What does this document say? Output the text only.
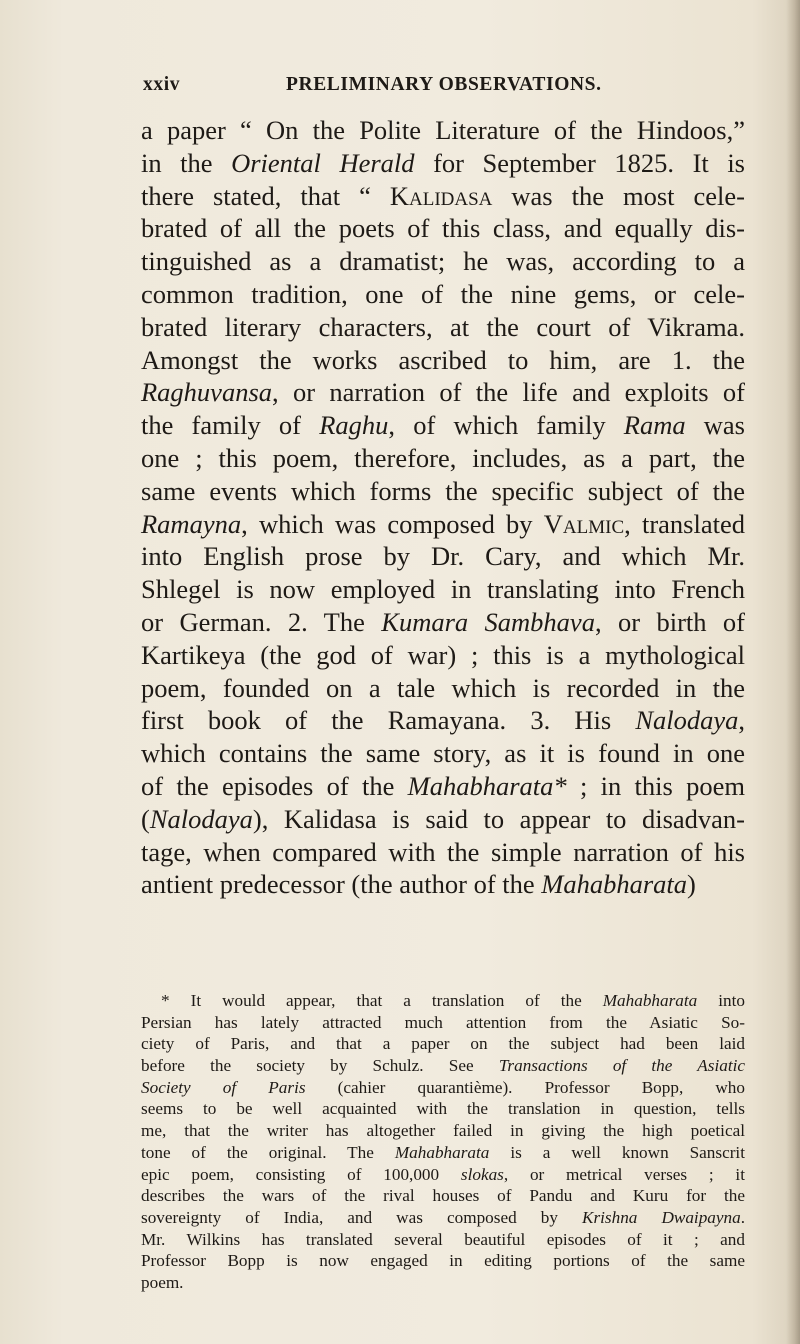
xxiv	PRELIMINARY OBSERVATIONS.
a paper “ On the Polite Literature of the Hindoos,”
in the Oriental Herald for September 1825. It is
there stated, that “ Kalidasa was the most cele-
brated of all the poets of this class, and equally dis-
tinguished as a dramatist; he was, according to a
common tradition, one of the nine gems, or cele-
brated literary characters, at the court of Vikrama.
Amongst the works ascribed to him, are 1. the
Raghuvansa, or narration of the life and exploits of
the family of Raghu, of which family Rama was
one ; this poem, therefore, includes, as a part, the
same events which forms the specific subject of the
Ramayna, which was composed by Valmic, translated
into English prose by Dr. Cary, and which Mr.
Shlegel is now employed in translating into French
or German. 2. The Kumara Sambhava, or birth of
Kartikeya (the god of war) ; this is a mythological
poem, founded on a tale which is recorded in the
first book of the Ramayana. 3. His Nalodaya,
which contains the same story, as it is found in one
of the episodes of the Mahabharata* ; in this poem
(Nalodaya), Kalidasa is said to appear to disadvan-
tage, when compared with the simple narration of his
antient predecessor (the author of the Mahabharata)
* It would appear, that a translation of the Mahabharata into
Persian has lately attracted much attention from the Asiatic So-
ciety of Paris, and that a paper on the subject had been laid
before the society by Schulz. See Transactions of the Asiatic
Society of Paris (cahier quarantième). Professor Bopp, who
seems to be well acquainted with the translation in question, tells
me, that the writer has altogether failed in giving the high poetical
tone of the original. The Mahabharata is a well known Sanscrit
epic poem, consisting of 100,000 slokas, or metrical verses ; it
describes the wars of the rival houses of Pandu and Kuru for the
sovereignty of India, and was composed by Krishna Dwaipayna.
Mr. Wilkins has translated several beautiful episodes of it ; and
Professor Bopp is now engaged in editing portions of the same
poem.
